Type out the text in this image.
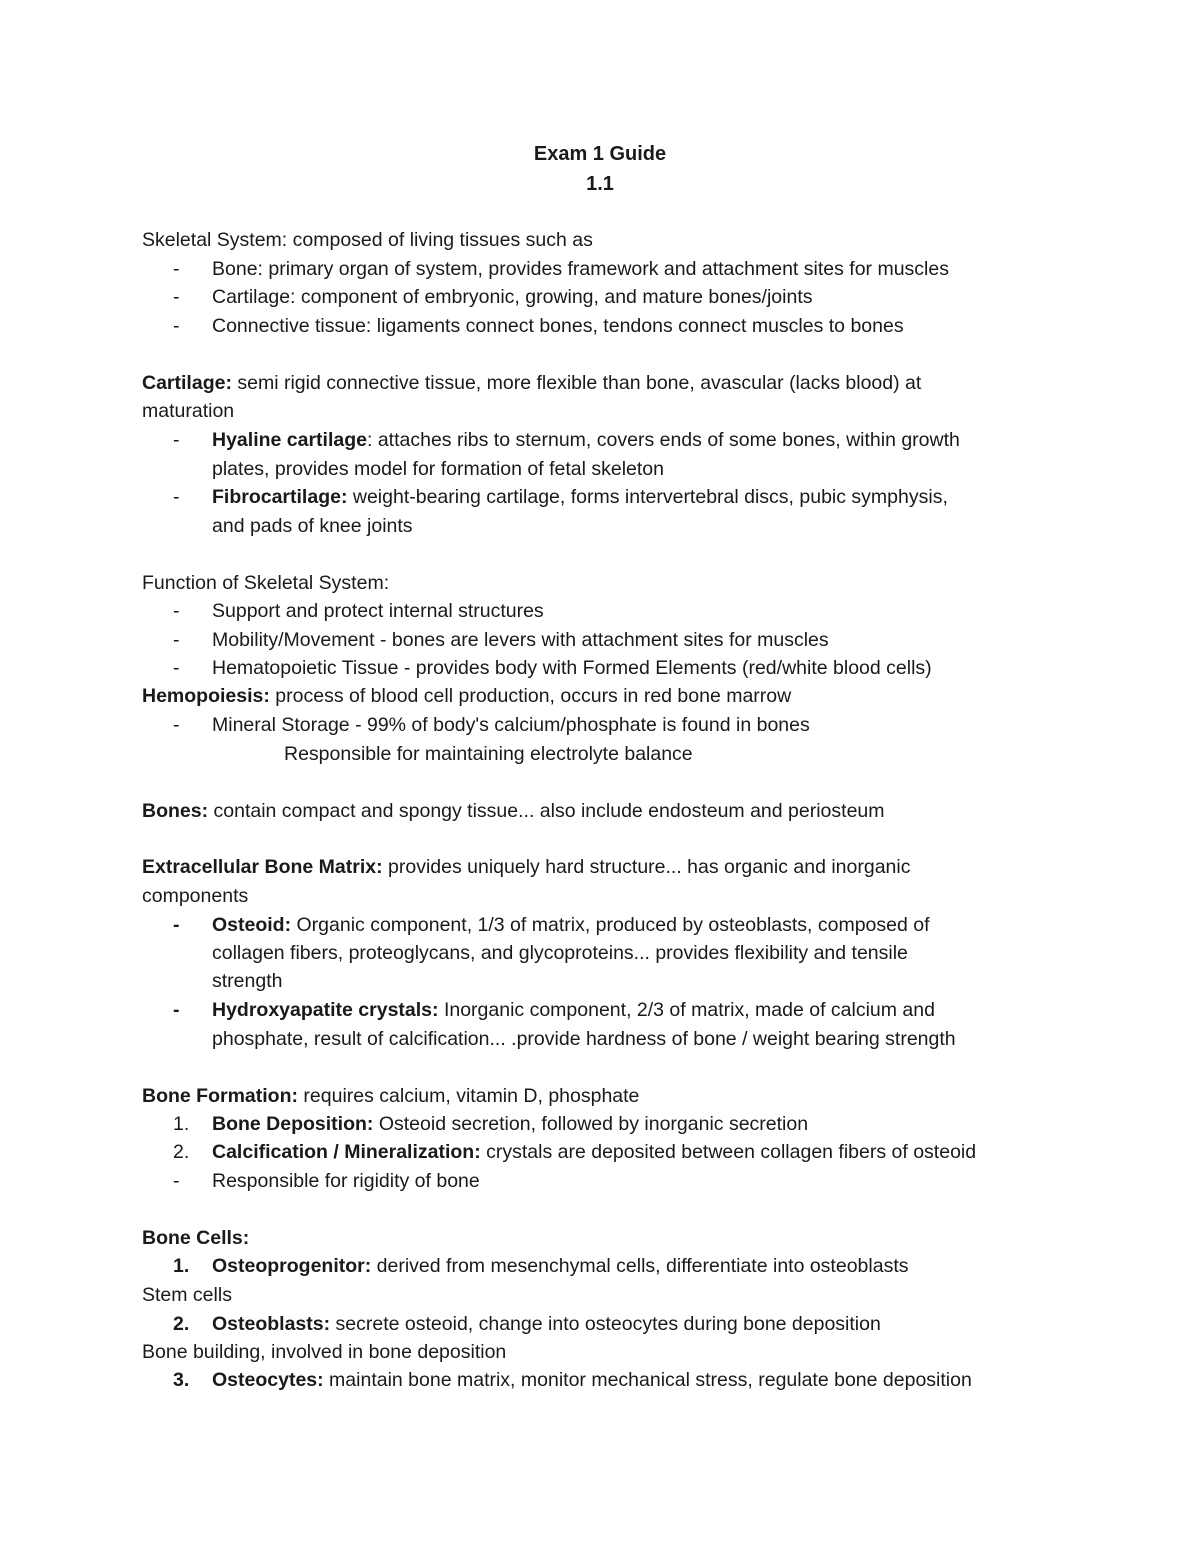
Exam 1 Guide
1.1
Skeletal System: composed of living tissues such as
- Bone: primary organ of system, provides framework and attachment sites for muscles
- Cartilage: component of embryonic, growing, and mature bones/joints
- Connective tissue: ligaments connect bones, tendons connect muscles to bones
Cartilage: semi rigid connective tissue, more flexible than bone, avascular (lacks blood) at
maturation
- Hyaline cartilage: attaches ribs to sternum, covers ends of some bones, within growth
plates, provides model for formation of fetal skeleton
- Fibrocartilage: weight-bearing cartilage, forms intervertebral discs, pubic symphysis,
and pads of knee joints
Function of Skeletal System:
- Support and protect internal structures
- Mobility/Movement - bones are levers with attachment sites for muscles
- Hematopoietic Tissue - provides body with Formed Elements (red/white blood cells)
Hemopoiesis: process of blood cell production, occurs in red bone marrow
- Mineral Storage - 99% of body's calcium/phosphate is found in bones
Responsible for maintaining electrolyte balance
Bones: contain compact and spongy tissue... also include endosteum and periosteum
Extracellular Bone Matrix: provides uniquely hard structure... has organic and inorganic
components
- Osteoid: Organic component, 1/3 of matrix, produced by osteoblasts, composed of
collagen fibers, proteoglycans, and glycoproteins... provides flexibility and tensile
strength
- Hydroxyapatite crystals: Inorganic component, 2/3 of matrix, made of calcium and
phosphate, result of calcification... .provide hardness of bone / weight bearing strength
Bone Formation: requires calcium, vitamin D, phosphate
1. Bone Deposition: Osteoid secretion, followed by inorganic secretion
2. Calcification / Mineralization: crystals are deposited between collagen fibers of osteoid
- Responsible for rigidity of bone
Bone Cells:
1. Osteoprogenitor: derived from mesenchymal cells, differentiate into osteoblasts
Stem cells
2. Osteoblasts: secrete osteoid, change into osteocytes during bone deposition
Bone building, involved in bone deposition
3. Osteocytes: maintain bone matrix, monitor mechanical stress, regulate bone deposition
